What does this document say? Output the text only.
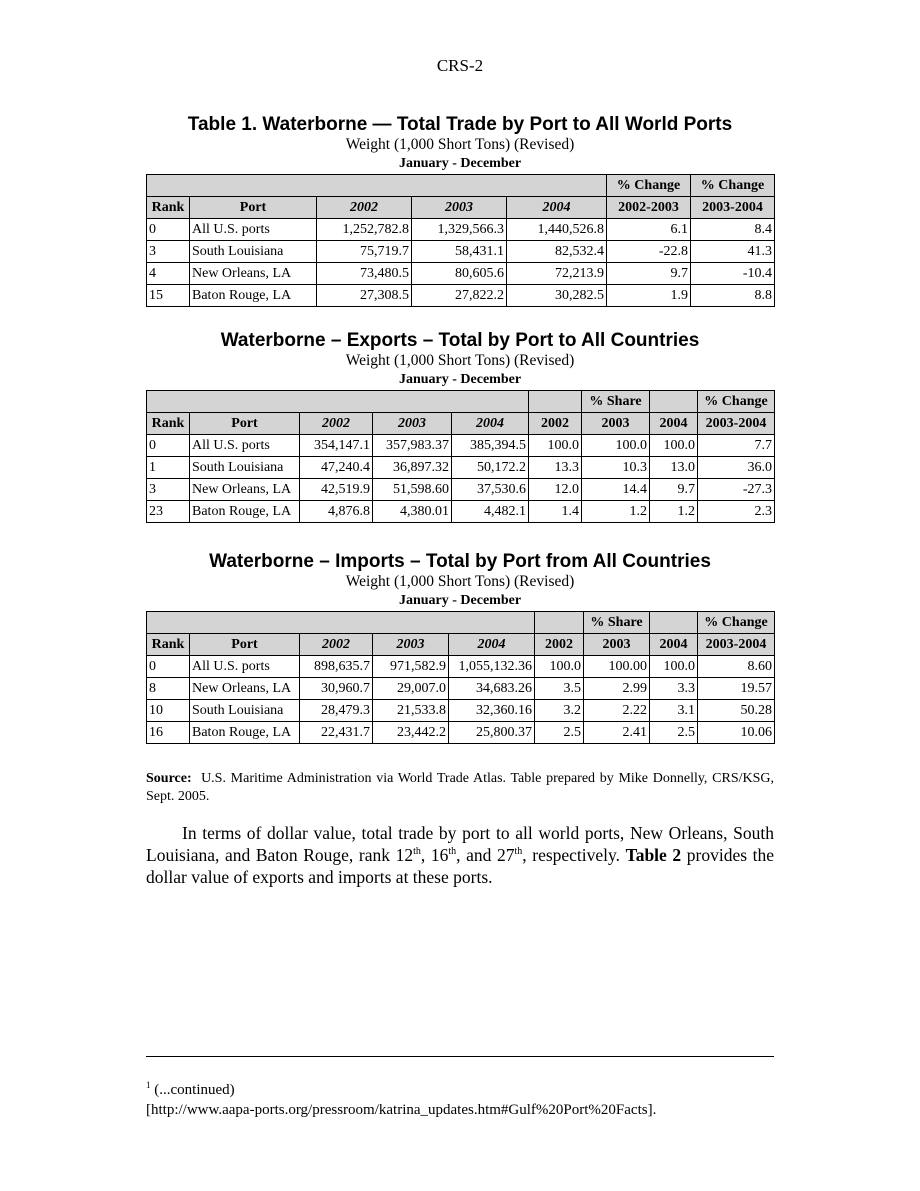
CRS-2
Table 1. Waterborne — Total Trade by Port to All World Ports
Weight (1,000 Short Tons) (Revised)
January - December
					% Change	% Change
Rank	Port	2002	2003	2004	2002-2003	2003-2004
0	All U.S. ports	1,252,782.8	1,329,566.3	1,440,526.8	6.1	8.4
3	South Louisiana	75,719.7	58,431.1	82,532.4	-22.8	41.3
4	New Orleans, LA	73,480.5	80,605.6	72,213.9	9.7	-10.4
15	Baton Rouge, LA	27,308.5	27,822.2	30,282.5	1.9	8.8
Waterborne – Exports – Total by Port to All Countries
Weight (1,000 Short Tons) (Revised)
January - December
						% Share		% Change
Rank	Port	2002	2003	2004	2002	2003	2004	2003-2004
0	All U.S. ports	354,147.1	357,983.37	385,394.5	100.0	100.0	100.0	7.7
1	South Louisiana	47,240.4	36,897.32	50,172.2	13.3	10.3	13.0	36.0
3	New Orleans, LA	42,519.9	51,598.60	37,530.6	12.0	14.4	9.7	-27.3
23	Baton Rouge, LA	4,876.8	4,380.01	4,482.1	1.4	1.2	1.2	2.3
Waterborne – Imports – Total by Port from All Countries
Weight (1,000 Short Tons) (Revised)
January - December
						% Share		% Change
Rank	Port	2002	2003	2004	2002	2003	2004	2003-2004
0	All U.S. ports	898,635.7	971,582.9	1,055,132.36	100.0	100.00	100.0	8.60
8	New Orleans, LA	30,960.7	29,007.0	34,683.26	3.5	2.99	3.3	19.57
10	South Louisiana	28,479.3	21,533.8	32,360.16	3.2	2.22	3.1	50.28
16	Baton Rouge, LA	22,431.7	23,442.2	25,800.37	2.5	2.41	2.5	10.06
Source: U.S. Maritime Administration via World Trade Atlas. Table prepared by Mike Donnelly, CRS/KSG, Sept. 2005.
In terms of dollar value, total trade by port to all world ports, New Orleans, South Louisiana, and Baton Rouge, rank 12th, 16th, and 27th, respectively. Table 2 provides the dollar value of exports and imports at these ports.
$^1$ (...continued)
[http://www.aapa-ports.org/pressroom/katrina_updates.htm#Gulf%20Port%20Facts].
